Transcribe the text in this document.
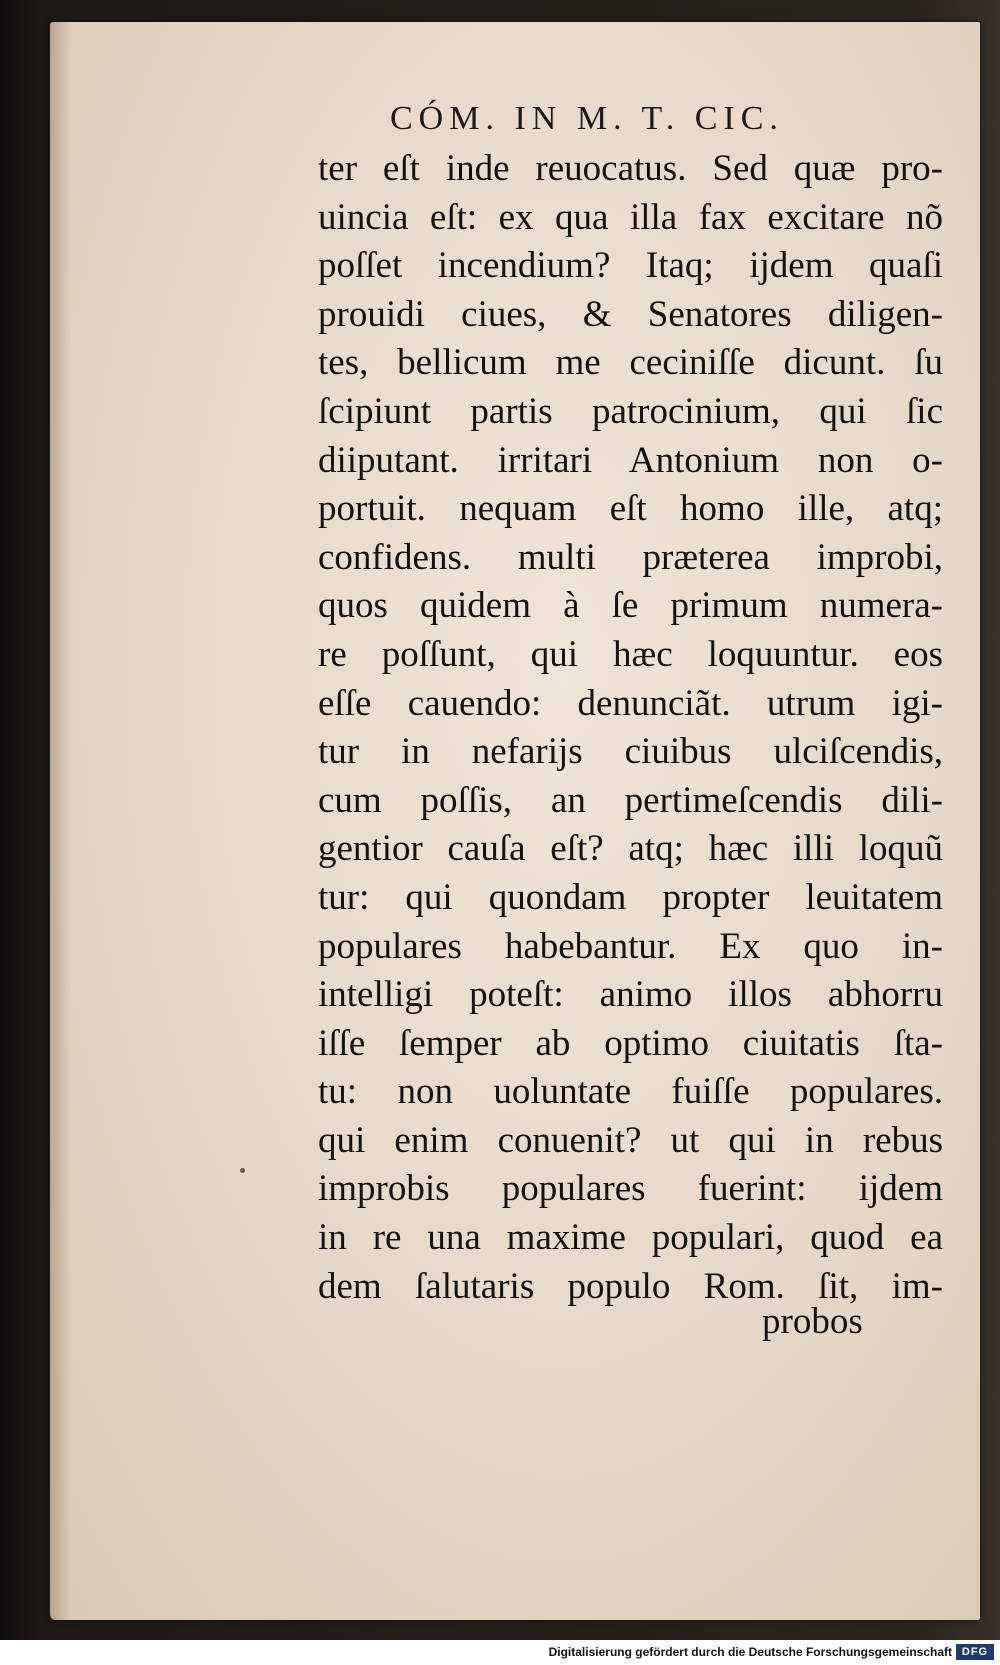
CÓM. IN M. T. CIC.
ter eſt inde reuocatus. Sed quæ pro-
uincia eſt: ex qua illa fax excitare nõ
poſſet incendium? Itaq; ijdem quaſi
prouidi ciues, & Senatores diligen-
tes, bellicum me ceciniſſe dicunt. ſu
ſcipiunt partis patrocinium, qui ſic
diiputant. irritari Antonium non o-
portuit. nequam eſt homo ille, atq;
confidens. multi præterea improbi,
quos quidem à ſe primum numera-
re poſſunt, qui hæc loquuntur. eos
eſſe cauendo: denunciãt. utrum igi-
tur in nefarijs ciuibus ulciſcendis,
cum poſſis, an pertimeſcendis dili-
gentior cauſa eſt? atq; hæc illi loquũ
tur: qui quondam propter leuitatem
populares habebantur. Ex quo in-
intelligi poteſt: animo illos abhorru
iſſe ſemper ab optimo ciuitatis ſta-
tu: non uoluntate fuiſſe populares.
qui enim conuenit? ut qui in rebus
improbis populares fuerint: ijdem
in re una maxime populari, quod ea
dem ſalutaris populo Rom. ſit, im-
probos
Digitalisierung gefördert durch die Deutsche Forschungsgemeinschaft DFG
